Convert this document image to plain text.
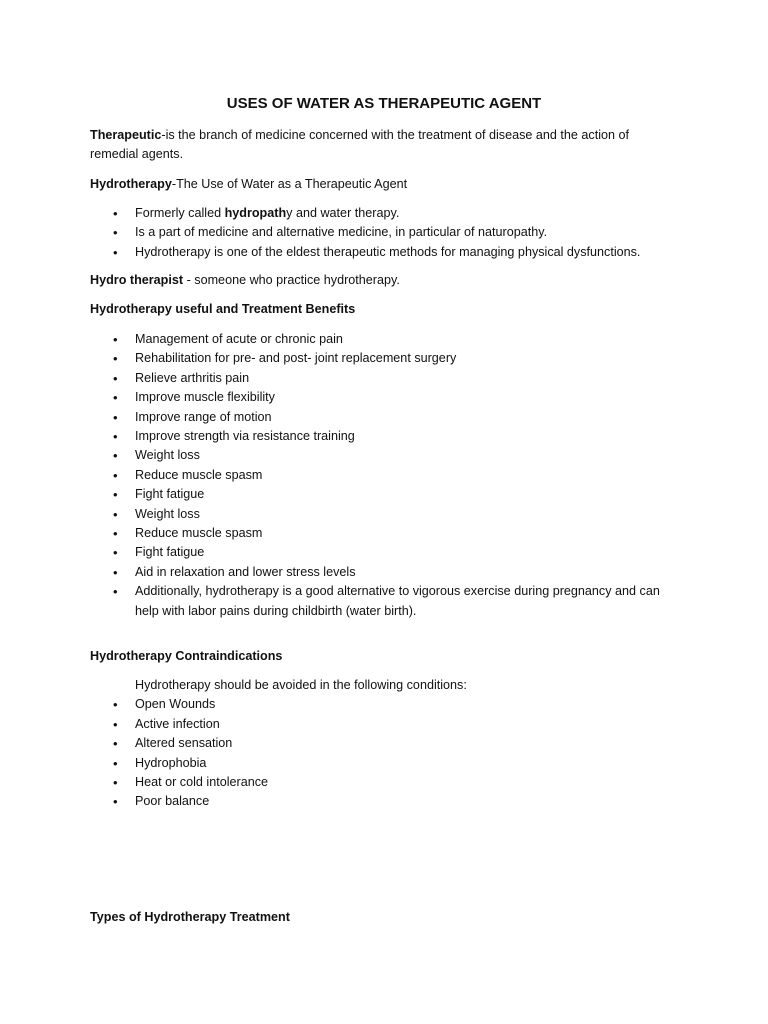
USES OF WATER AS THERAPEUTIC AGENT

Therapeutic-is the branch of medicine concerned with the treatment of disease and the action of remedial agents.

Hydrotherapy-The Use of Water as a Therapeutic Agent

• Formerly called hydropathy and water therapy.
• Is a part of medicine and alternative medicine, in particular of naturopathy.
• Hydrotherapy is one of the eldest therapeutic methods for managing physical dysfunctions.

Hydro therapist - someone who practice hydrotherapy.

Hydrotherapy useful and Treatment Benefits

• Management of acute or chronic pain
• Rehabilitation for pre- and post- joint replacement surgery
• Relieve arthritis pain
• Improve muscle flexibility
• Improve range of motion
• Improve strength via resistance training
• Weight loss
• Reduce muscle spasm
• Fight fatigue
• Weight loss
• Reduce muscle spasm
• Fight fatigue
• Aid in relaxation and lower stress levels
• Additionally, hydrotherapy is a good alternative to vigorous exercise during pregnancy and can help with labor pains during childbirth (water birth).

Hydrotherapy Contraindications

Hydrotherapy should be avoided in the following conditions:

• Open Wounds
• Active infection
• Altered sensation
• Hydrophobia
• Heat or cold intolerance
• Poor balance

Types of Hydrotherapy Treatment
